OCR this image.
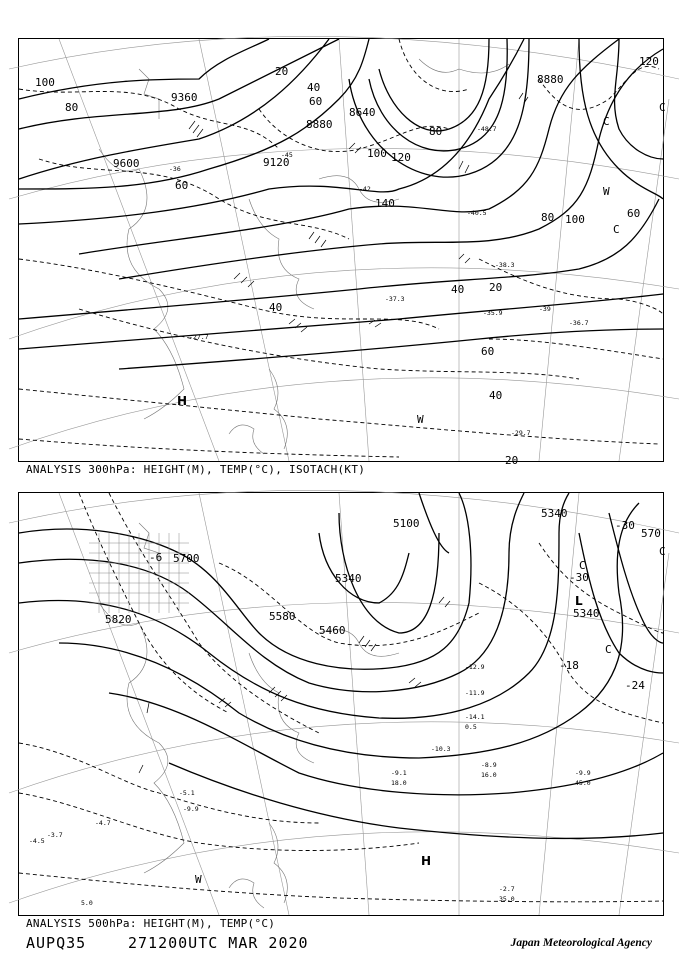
9360
9600
8640
8880
9120
8880
100
80
20
40
60
140
120
100
80
60
40
20
40
60
20
100
80
60
40
120
-36
-40.5
-38.3
-37.3
-35.9
-36.7
-27.7
-29.7
-42
-45
-48.7
-39
H
W
W
C
C
C
ANALYSIS 300hPa: HEIGHT(M), TEMP(°C), ISOTACH(KT)
5700
5820	5580
5460
5340
5100
5340
5340
570
-6
-30
-18
-24
-30
-12.9
-11.9
-14.1
-10.3
-9.1
-8.9
-9.9
-2.7
-5.1
-9.9
-4.5
-3.7
-4.7
5.0
0.5
18.0
16.0
45.0
35.0
H
W
L
C
C
C
ANALYSIS 500hPa: HEIGHT(M), TEMP(°C)
AUPQ35	271200UTC MAR 2020	Japan Meteorological Agency
